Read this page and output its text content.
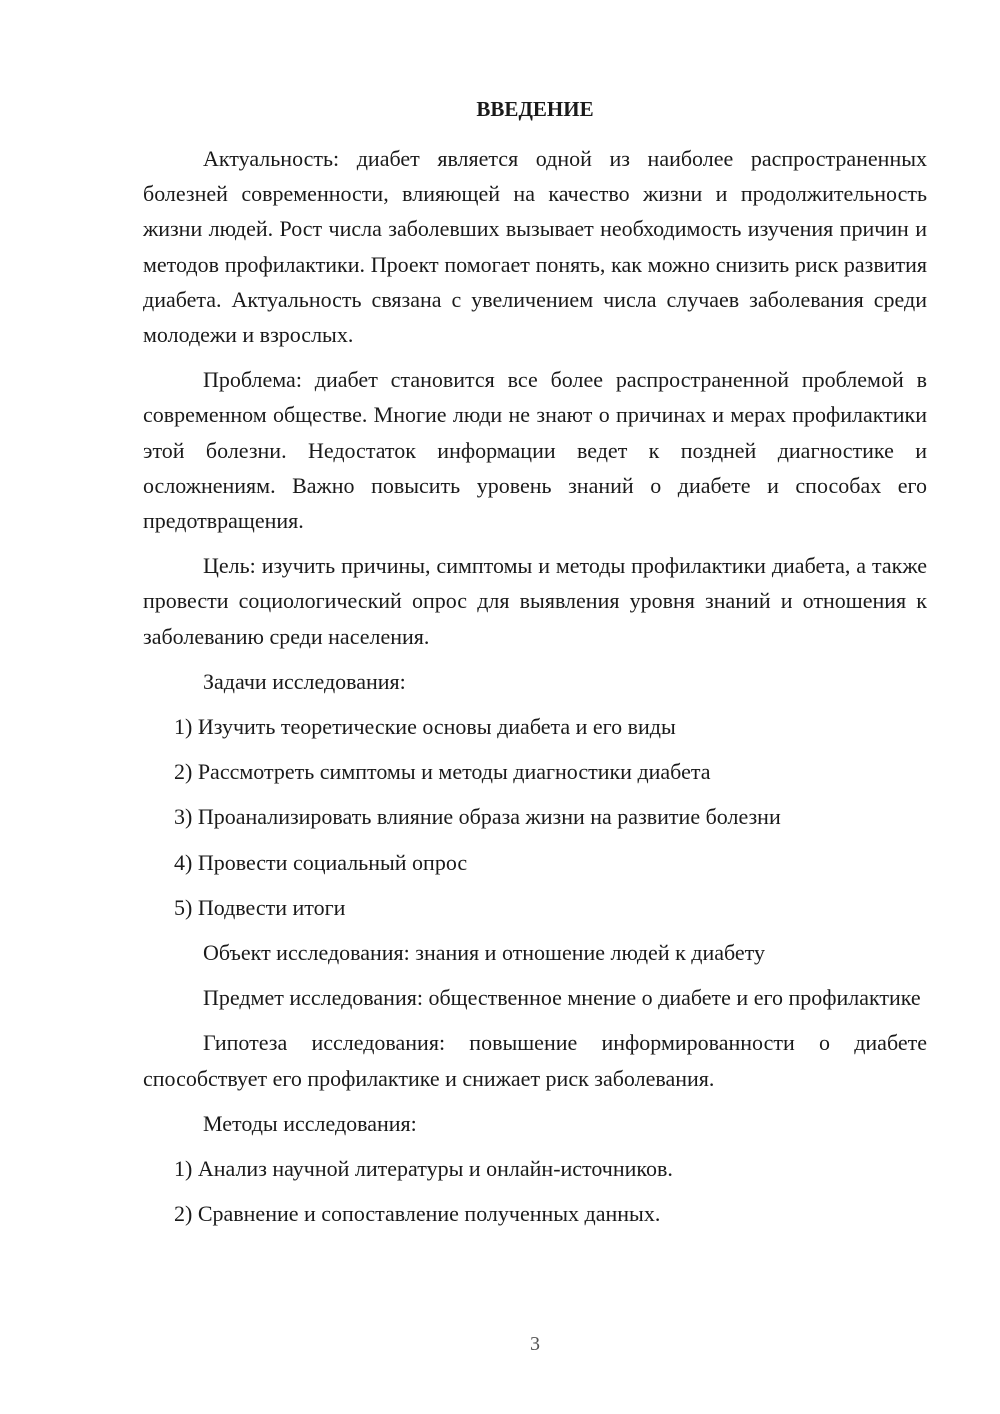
ВВЕДЕНИЕ

Актуальность: диабет является одной из наиболее распространенных болезней современности, влияющей на качество жизни и продолжительность жизни людей. Рост числа заболевших вызывает необходимость изучения причин и методов профилактики. Проект помогает понять, как можно снизить риск развития диабета. Актуальность связана с увеличением числа случаев заболевания среди молодежи и взрослых.

Проблема: диабет становится все более распространенной проблемой в современном обществе. Многие люди не знают о причинах и мерах профилактики этой болезни. Недостаток информации ведет к поздней диагностике и осложнениям. Важно повысить уровень знаний о диабете и способах его предотвращения.

Цель: изучить причины, симптомы и методы профилактики диабета, а также провести социологический опрос для выявления уровня знаний и отношения к заболеванию среди населения.

Задачи исследования:
1) Изучить теоретические основы диабета и его виды
2) Рассмотреть симптомы и методы диагностики диабета
3) Проанализировать влияние образа жизни на развитие болезни
4) Провести социальный опрос
5) Подвести итоги
Объект исследования: знания и отношение людей к диабету

Предмет исследования: общественное мнение о диабете и его профилактике

Гипотеза исследования: повышение информированности о диабете способствует его профилактике и снижает риск заболевания.

Методы исследования:
1) Анализ научной литературы и онлайн-источников.
2) Сравнение и сопоставление полученных данных.
3
